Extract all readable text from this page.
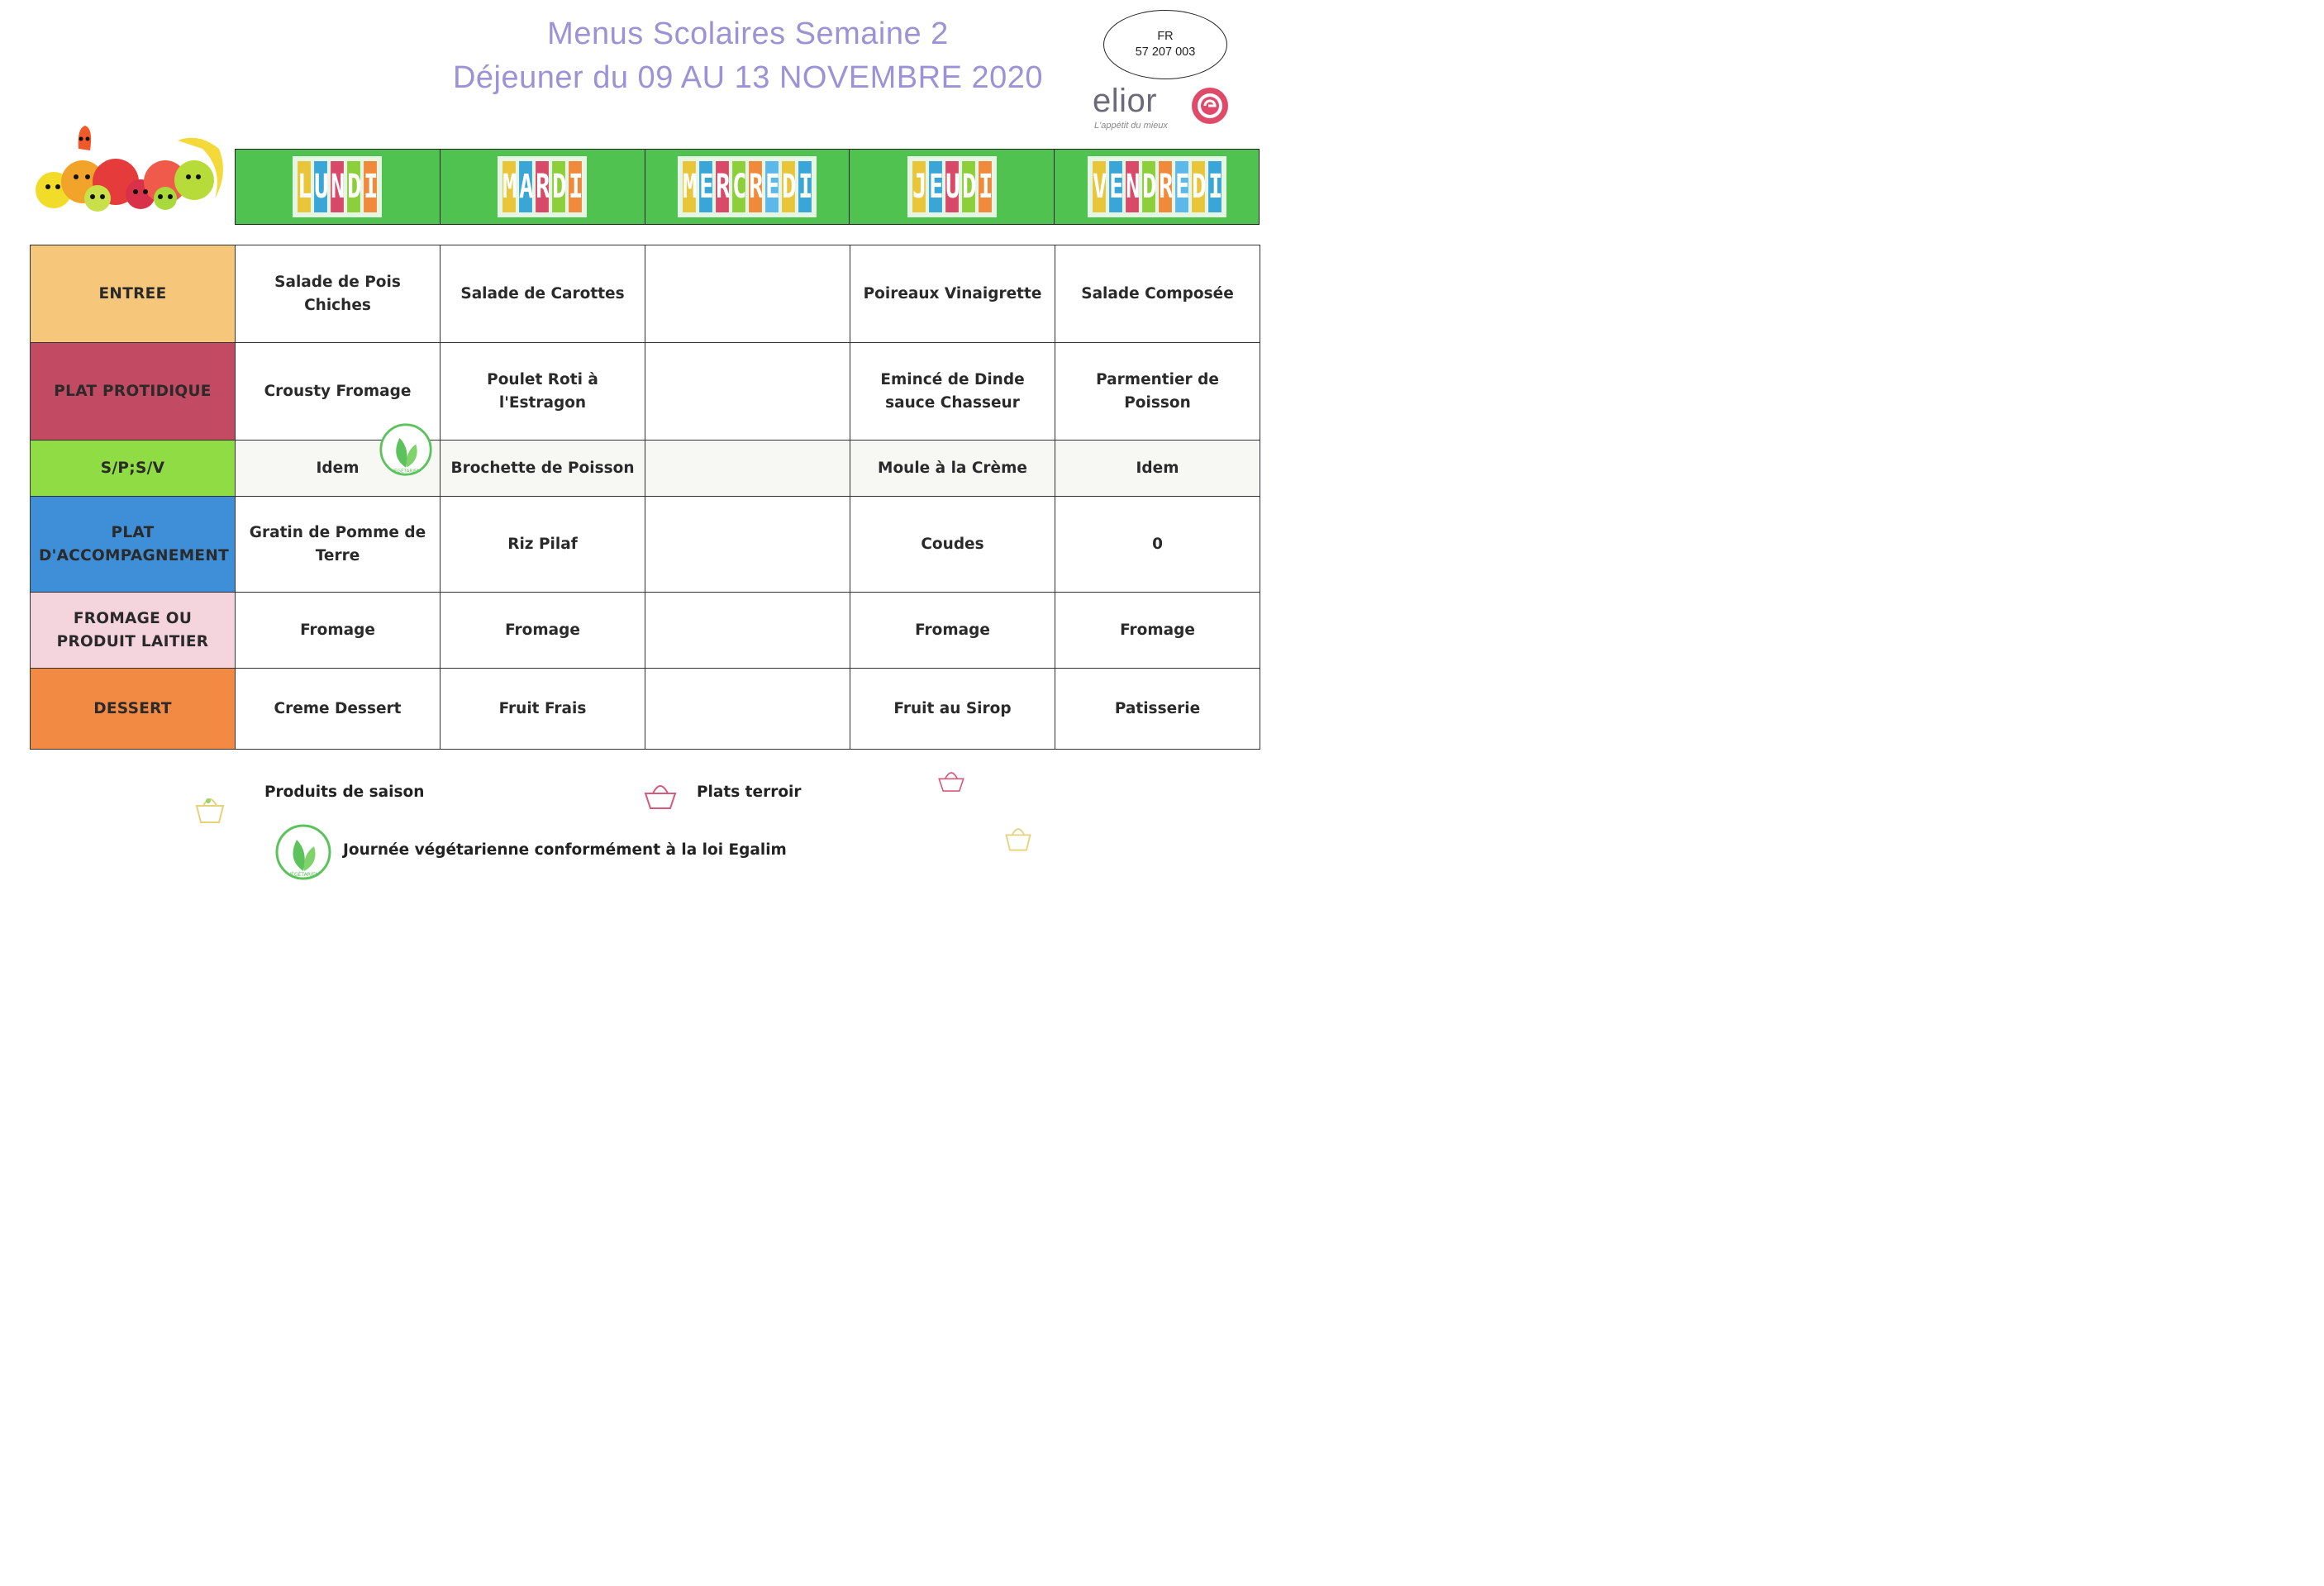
Menus Scolaires Semaine 2
Déjeuner du 09 AU 13 NOVEMBRE 2020
FR
57 207 003
elior
L'appétit du mieux
L U N D I	M A R D I	M E R C R E D I	J E U D I	V E N D R E D I
ENTREE	Salade de Pois Chiches	Salade de Carottes		Poireaux Vinaigrette	Salade Composée
PLAT PROTIDIQUE	Crousty Fromage	Poulet Roti à l'Estragon		Emincé de Dinde sauce Chasseur	Parmentier de Poisson
S/P;S/V	Idem	Brochette de Poisson		Moule à la Crème	Idem
PLAT D'ACCOMPAGNEMENT	Gratin de Pomme de Terre	Riz Pilaf		Coudes	0
FROMAGE OU PRODUIT LAITIER	Fromage	Fromage		Fromage	Fromage
DESSERT	Creme Dessert	Fruit Frais		Fruit au Sirop	Patisserie
Produits de saison	Plats terroir
VÉGÉTARIEN
Journée végétarienne conformément à la loi Egalim
VÉGÉTARIEN
